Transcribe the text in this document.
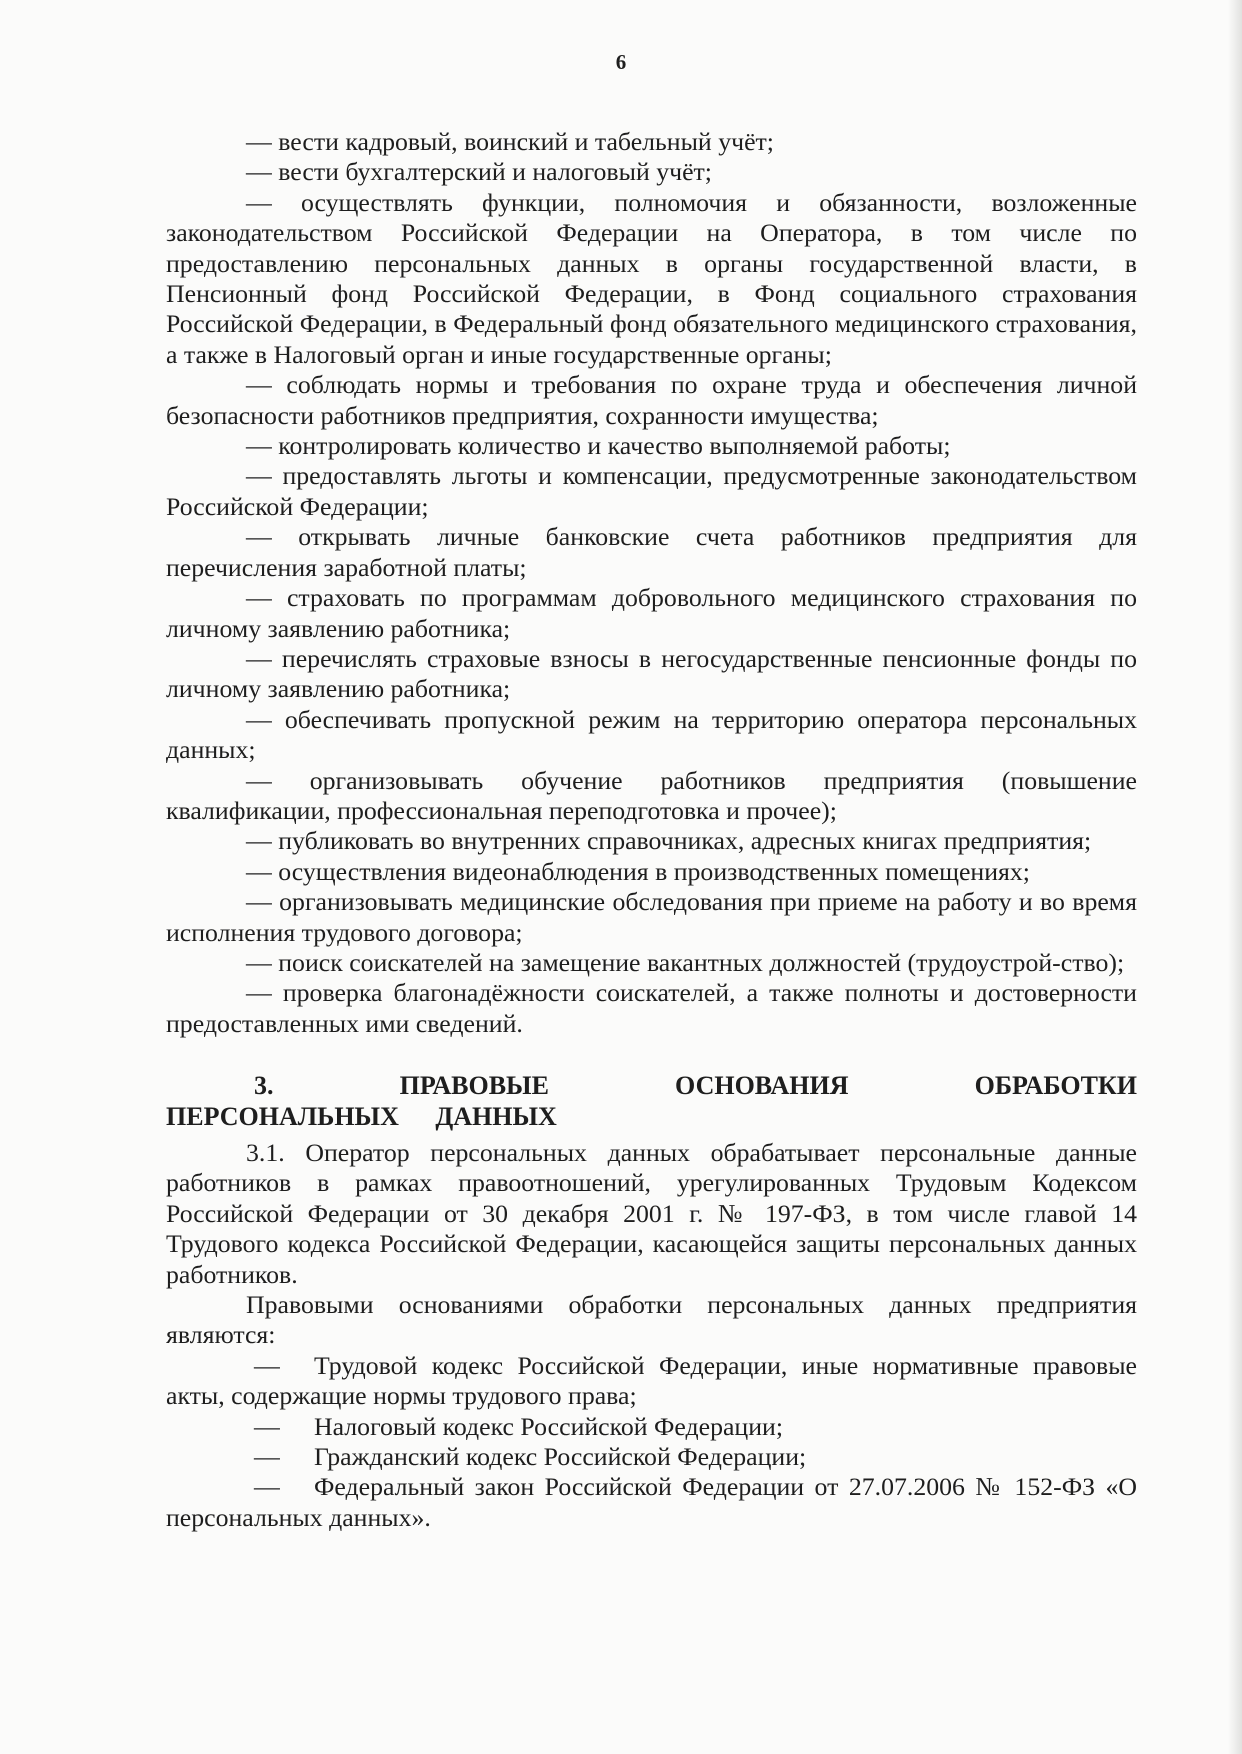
6

— вести кадровый, воинский и табельный учёт;

— вести бухгалтерский и налоговый учёт;

— осуществлять функции, полномочия и обязанности, возложенные законодательством Российской Федерации на Оператора, в том числе по предоставлению персональных данных в органы государственной власти, в Пенсионный фонд Российской Федерации, в Фонд социального страхования Российской Федерации, в Федеральный фонд обязательного медицинского страхования, а также в Налоговый орган и иные государственные органы;

— соблюдать нормы и требования по охране труда и обеспечения личной безопасности работников предприятия, сохранности имущества;

— контролировать количество и качество выполняемой работы;

— предоставлять льготы и компенсации, предусмотренные законодательством Российской Федерации;

— открывать личные банковские счета работников предприятия для перечисления заработной платы;

— страховать по программам добровольного медицинского страхования по личному заявлению работника;

— перечислять страховые взносы в негосударственные пенсионные фонды по личному заявлению работника;

— обеспечивать пропускной режим на территорию оператора персональных данных;

— организовывать обучение работников предприятия (повышение квалификации, профессиональная переподготовка и прочее);

— публиковать во внутренних справочниках, адресных книгах предприятия;

— осуществления видеонаблюдения в производственных помещениях;

— организовывать медицинские обследования при приеме на работу и во время исполнения трудового договора;

— поиск соискателей на замещение вакантных должностей (трудоустрой-ство);

— проверка благонадёжности соискателей, а также полноты и достоверности предоставленных ими сведений.

3. ПРАВОВЫЕ ОСНОВАНИЯ ОБРАБОТКИ ПЕРСОНАЛЬНЫХ ДАННЫХ

3.1. Оператор персональных данных обрабатывает персональные данные работников в рамках правоотношений, урегулированных Трудовым Кодексом Российской Федерации от 30 декабря 2001 г. № 197-ФЗ, в том числе главой 14 Трудового кодекса Российской Федерации, касающейся защиты персональных данных работников.

Правовыми основаниями обработки персональных данных предприятия являются:

— Трудовой кодекс Российской Федерации, иные нормативные правовые акты, содержащие нормы трудового права;

— Налоговый кодекс Российской Федерации;

— Гражданский кодекс Российской Федерации;

— Федеральный закон Российской Федерации от 27.07.2006 № 152-ФЗ «О персональных данных».
